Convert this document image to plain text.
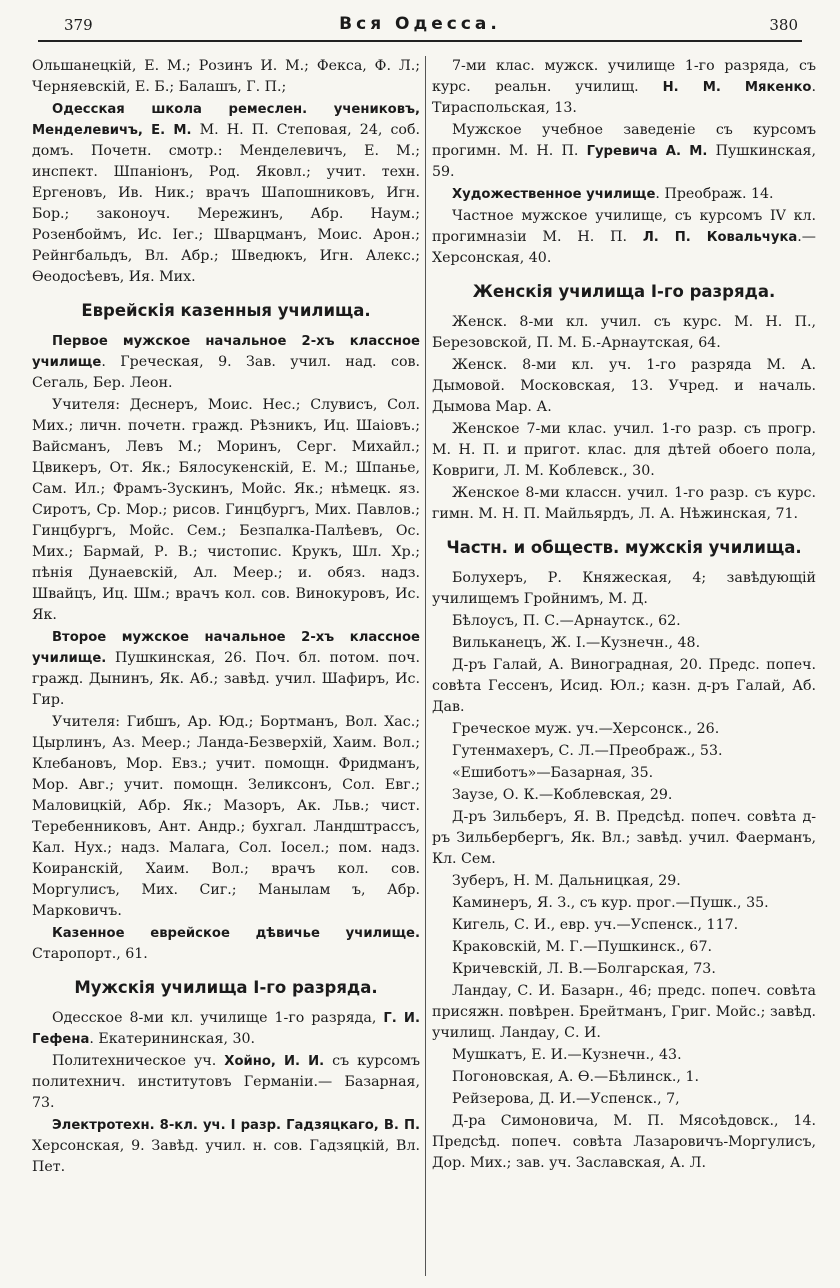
379	Вся Одесса.	380

Ольшанецкій, Е. М.; Розинъ И. М.; Фекса, Ф. Л.; Черняевскій, Е. Б.; Балашъ, Г. П.;

Одесская школа ремеслен. учениковъ, Менделевичъ, Е. М. М. Н. П. Степовая, 24, соб. домъ. Почетн. смотр.: Менделевичъ, Е. М.; инспект. Шпаніонъ, Род. Яковл.; учит. техн. Ергеновъ, Ив. Ник.; врачъ Шапошниковъ, Игн. Бор.; законоуч. Мережинъ, Абр. Наум.; Розенбоймъ, Ис. Іег.; Шварцманъ, Моис. Арон.; Рейнгбальдъ, Вл. Абр.; Шведюкъ, Игн. Алекс.; Ѳеодосѣевъ, Ия. Мих.

Еврейскія казенныя училища.

Первое мужское начальное 2-хъ классное училище. Греческая, 9. Зав. учил. над. сов. Сегаль, Бер. Леон.

Учителя: Деснеръ, Моис. Нес.; Слувисъ, Сол. Мих.; личн. почетн. гражд. Рѣзникъ, Иц. Шаіовъ.; Вайсманъ, Левъ М.; Моринъ, Серг. Михайл.; Цвикеръ, От. Як.; Бялосукенскій, Е. М.; Шпанье, Сам. Ил.; Фрамъ-Зускинъ, Мойс. Як.; нѣмецк. яз. Сиротъ, Ср. Мор.; рисов. Гинцбургъ, Мих. Павлов.; Гинцбургъ, Мойс. Сем.; Безпалка-Палѣевъ, Ос. Мих.; Бармай, Р. В.; чистопис. Крукъ, Шл. Хр.; пѣнія Дунаевскій, Ал. Мееp.; и. обяз. надз. Швайцъ, Иц. Шм.; врачъ кол. сов. Винокуровъ, Ис. Як.

Второе мужское начальное 2-хъ классное училище. Пушкинская, 26. Поч. бл. потом. поч. гражд. Дынинъ, Як. Аб.; завѣд. учил. Шафиръ, Ис. Гир.

Учителя: Гибшъ, Ар. Юд.; Бортманъ, Вол. Хас.; Цырлинъ, Аз. Мееp.; Ланда-Безверхій, Хаим. Вол.; Клебановъ, Мор. Евз.; учит. помощн. Фридманъ, Мор. Авг.; учит. помощн. Зеликсонъ, Сол. Евг.; Маловицкій, Абр. Як.; Мазоръ, Ак. Льв.; чист. Теребенниковъ, Ант. Андр.; бухгал. Ландштрассъ, Кал. Нух.; надз. Малага, Сол. Іосел.; пом. надз. Коиранскій, Хаим. Вол.; врачъ кол. сов. Моргулисъ, Мих. Сиг.; Манылам ъ, Абр. Марковичъ.

Казенное еврейское дѣвичье училище. Старопорт., 61.

Мужскія училища I-го разряда.

Одесское 8-ми кл. училище 1-го разряда, Г. И. Гефена. Екатерининская, 30.

Политехническое уч. Хойно, И. И. съ курсомъ политехнич. институтовъ Германіи.— Базарная, 73.

Электротехн. 8-кл. уч. I разр. Гадзяцкаго, В. П. Херсонская, 9. Завѣд. учил. н. сов. Гадзяцкій, Вл. Пет.

7-ми клас. мужск. училище 1-го разряда, съ курс. реальн. училищ. Н. М. Мякенко. Тираспольская, 13.

Мужское учебное заведеніе съ курсомъ прогимн. М. Н. П. Гуревича А. М. Пушкинская, 59.

Художественное училище. Преображ. 14.

Частное мужское училище, съ курсомъ IV кл. прогимназіи М. Н. П. Л. П. Ковальчука.—Херсонская, 40.

Женскія училища I-го разряда.

Женск. 8-ми кл. учил. съ курс. М. Н. П., Березовской, П. М. Б.-Арнаутская, 64.

Женск. 8-ми кл. уч. 1-го разряда М. А. Дымовой. Московская, 13. Учред. и началь. Дымова Мар. А.

Женское 7-ми клас. учил. 1-го разр. съ прогр. М. Н. П. и пригот. клас. для дѣтей обоего пола, Ковриги, Л. М. Коблевск., 30.

Женское 8-ми классн. учил. 1-го разр. съ курс. гимн. М. Н. П. Майльярдъ, Л. А. Нѣжинская, 71.

Частн. и обществ. мужскія училища.

Болухеръ, Р. Княжеская, 4; завѣдующій училищемъ Гройнимъ, М. Д.

Бѣлоусъ, П. С.—Арнаутск., 62.

Вильканецъ, Ж. І.—Кузнечн., 48.

Д-ръ Галай, А. Виноградная, 20. Предс. попеч. совѣта Гессенъ, Исид. Юл.; казн. д-ръ Галай, Аб. Дав.

Греческое муж. уч.—Херсонск., 26.

Гутенмахеръ, С. Л.—Преображ., 53.

«Ешиботъ»—Базарная, 35.

Заузе, О. К.—Коблевская, 29.

Д-ръ Зильберъ, Я. В. Предсѣд. попеч. совѣта д-ръ Зильбербергъ, Як. Вл.; завѣд. учил. Фаерманъ, Кл. Сем.

Зуберъ, Н. М. Дальницкая, 29.

Каминеръ, Я. З., съ кур. прог.—Пушк., 35.

Кигель, С. И., евр. уч.—Успенск., 117.

Краковскій, М. Г.—Пушкинск., 67.

Кричевскій, Л. В.—Болгарская, 73.

Ландау, С. И. Базарн., 46; предс. попеч. совѣта присяжн. повѣрен. Брейтманъ, Григ. Мойс.; завѣд. училищ. Ландау, С. И.

Мушкатъ, Е. И.—Кузнечн., 43.

Погоновская, А. Ѳ.—Бѣлинск., 1.

Рейзерова, Д. И.—Успенск., 7,

Д-ра Симоновича, М. П. Мясоѣдовск., 14. Предсѣд. попеч. совѣта Лазаровичъ-Моргулисъ, Дор. Мих.; зав. уч. Заславская, А. Л.
